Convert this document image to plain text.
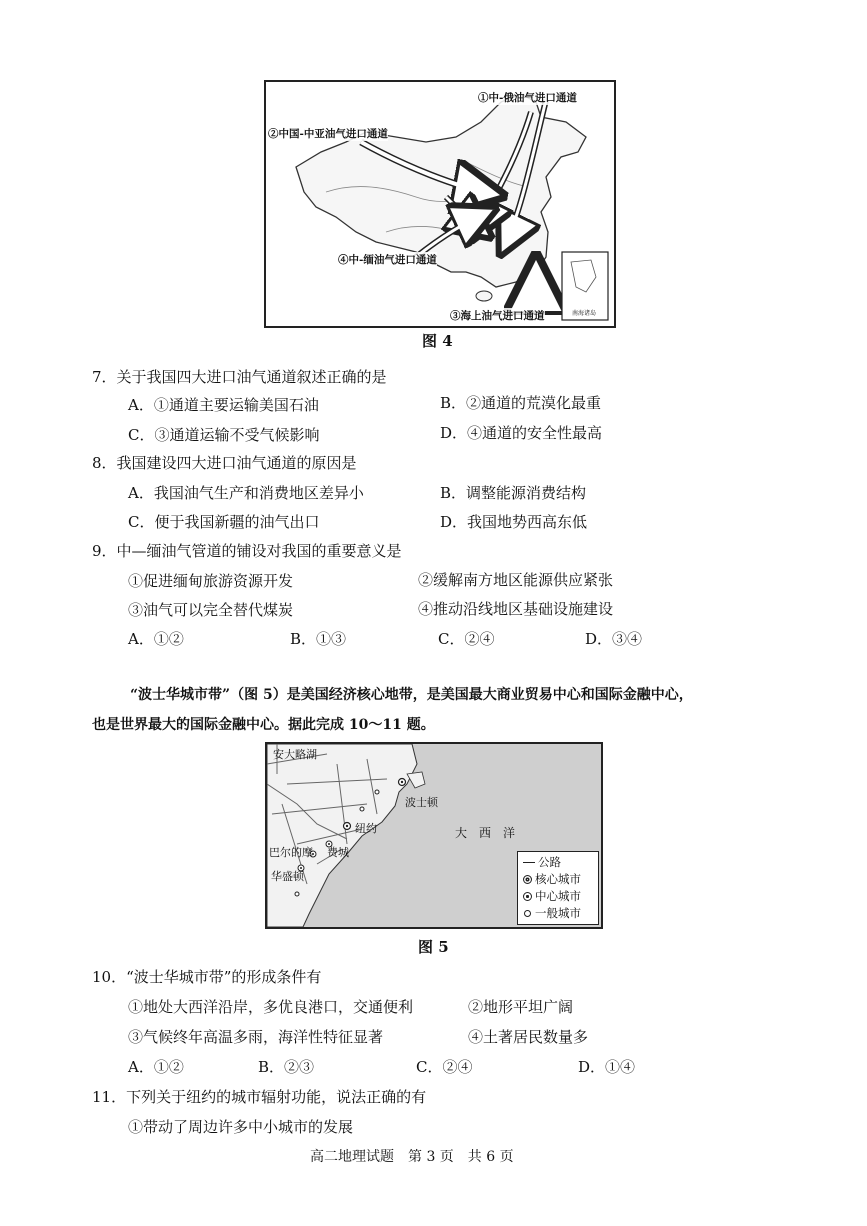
①中-俄油气进口通道
②中国-中亚油气进口通道
④中-缅油气进口通道
③海上油气进口通道	南海诸岛
图 4
7．关于我国四大进口油气通道叙述正确的是
A．①通道主要运输美国石油	B．②通道的荒漠化最重
C．③通道运输不受气候影响	D．④通道的安全性最高
8．我国建设四大进口油气通道的原因是
A．我国油气生产和消费地区差异小	B．调整能源消费结构
C．便于我国新疆的油气出口	D．我国地势西高东低
9．中—缅油气管道的铺设对我国的重要意义是
①促进缅甸旅游资源开发	②缓解南方地区能源供应紧张
③油气可以完全替代煤炭	④推动沿线地区基础设施建设
A．①②	B．①③	C．②④	D．③④
“波士华城市带”（图 5）是美国经济核心地带，是美国最大商业贸易中心和国际金融中心，
也是世界最大的国际金融中心。据此完成 10～11 题。
安大略湖
波士顿
纽约
巴尔的摩 费城
华盛顿
大　西　洋
公路
核心城市
中心城市
一般城市
图 5
10．“波士华城市带”的形成条件有
①地处大西洋沿岸，多优良港口，交通便利	②地形平坦广阔
③气候终年高温多雨，海洋性特征显著	④土著居民数量多
A．①②	B．②③	C．②④	D．①④
11．下列关于纽约的城市辐射功能，说法正确的有
①带动了周边许多中小城市的发展
高二地理试题　第 3 页　共 6 页
